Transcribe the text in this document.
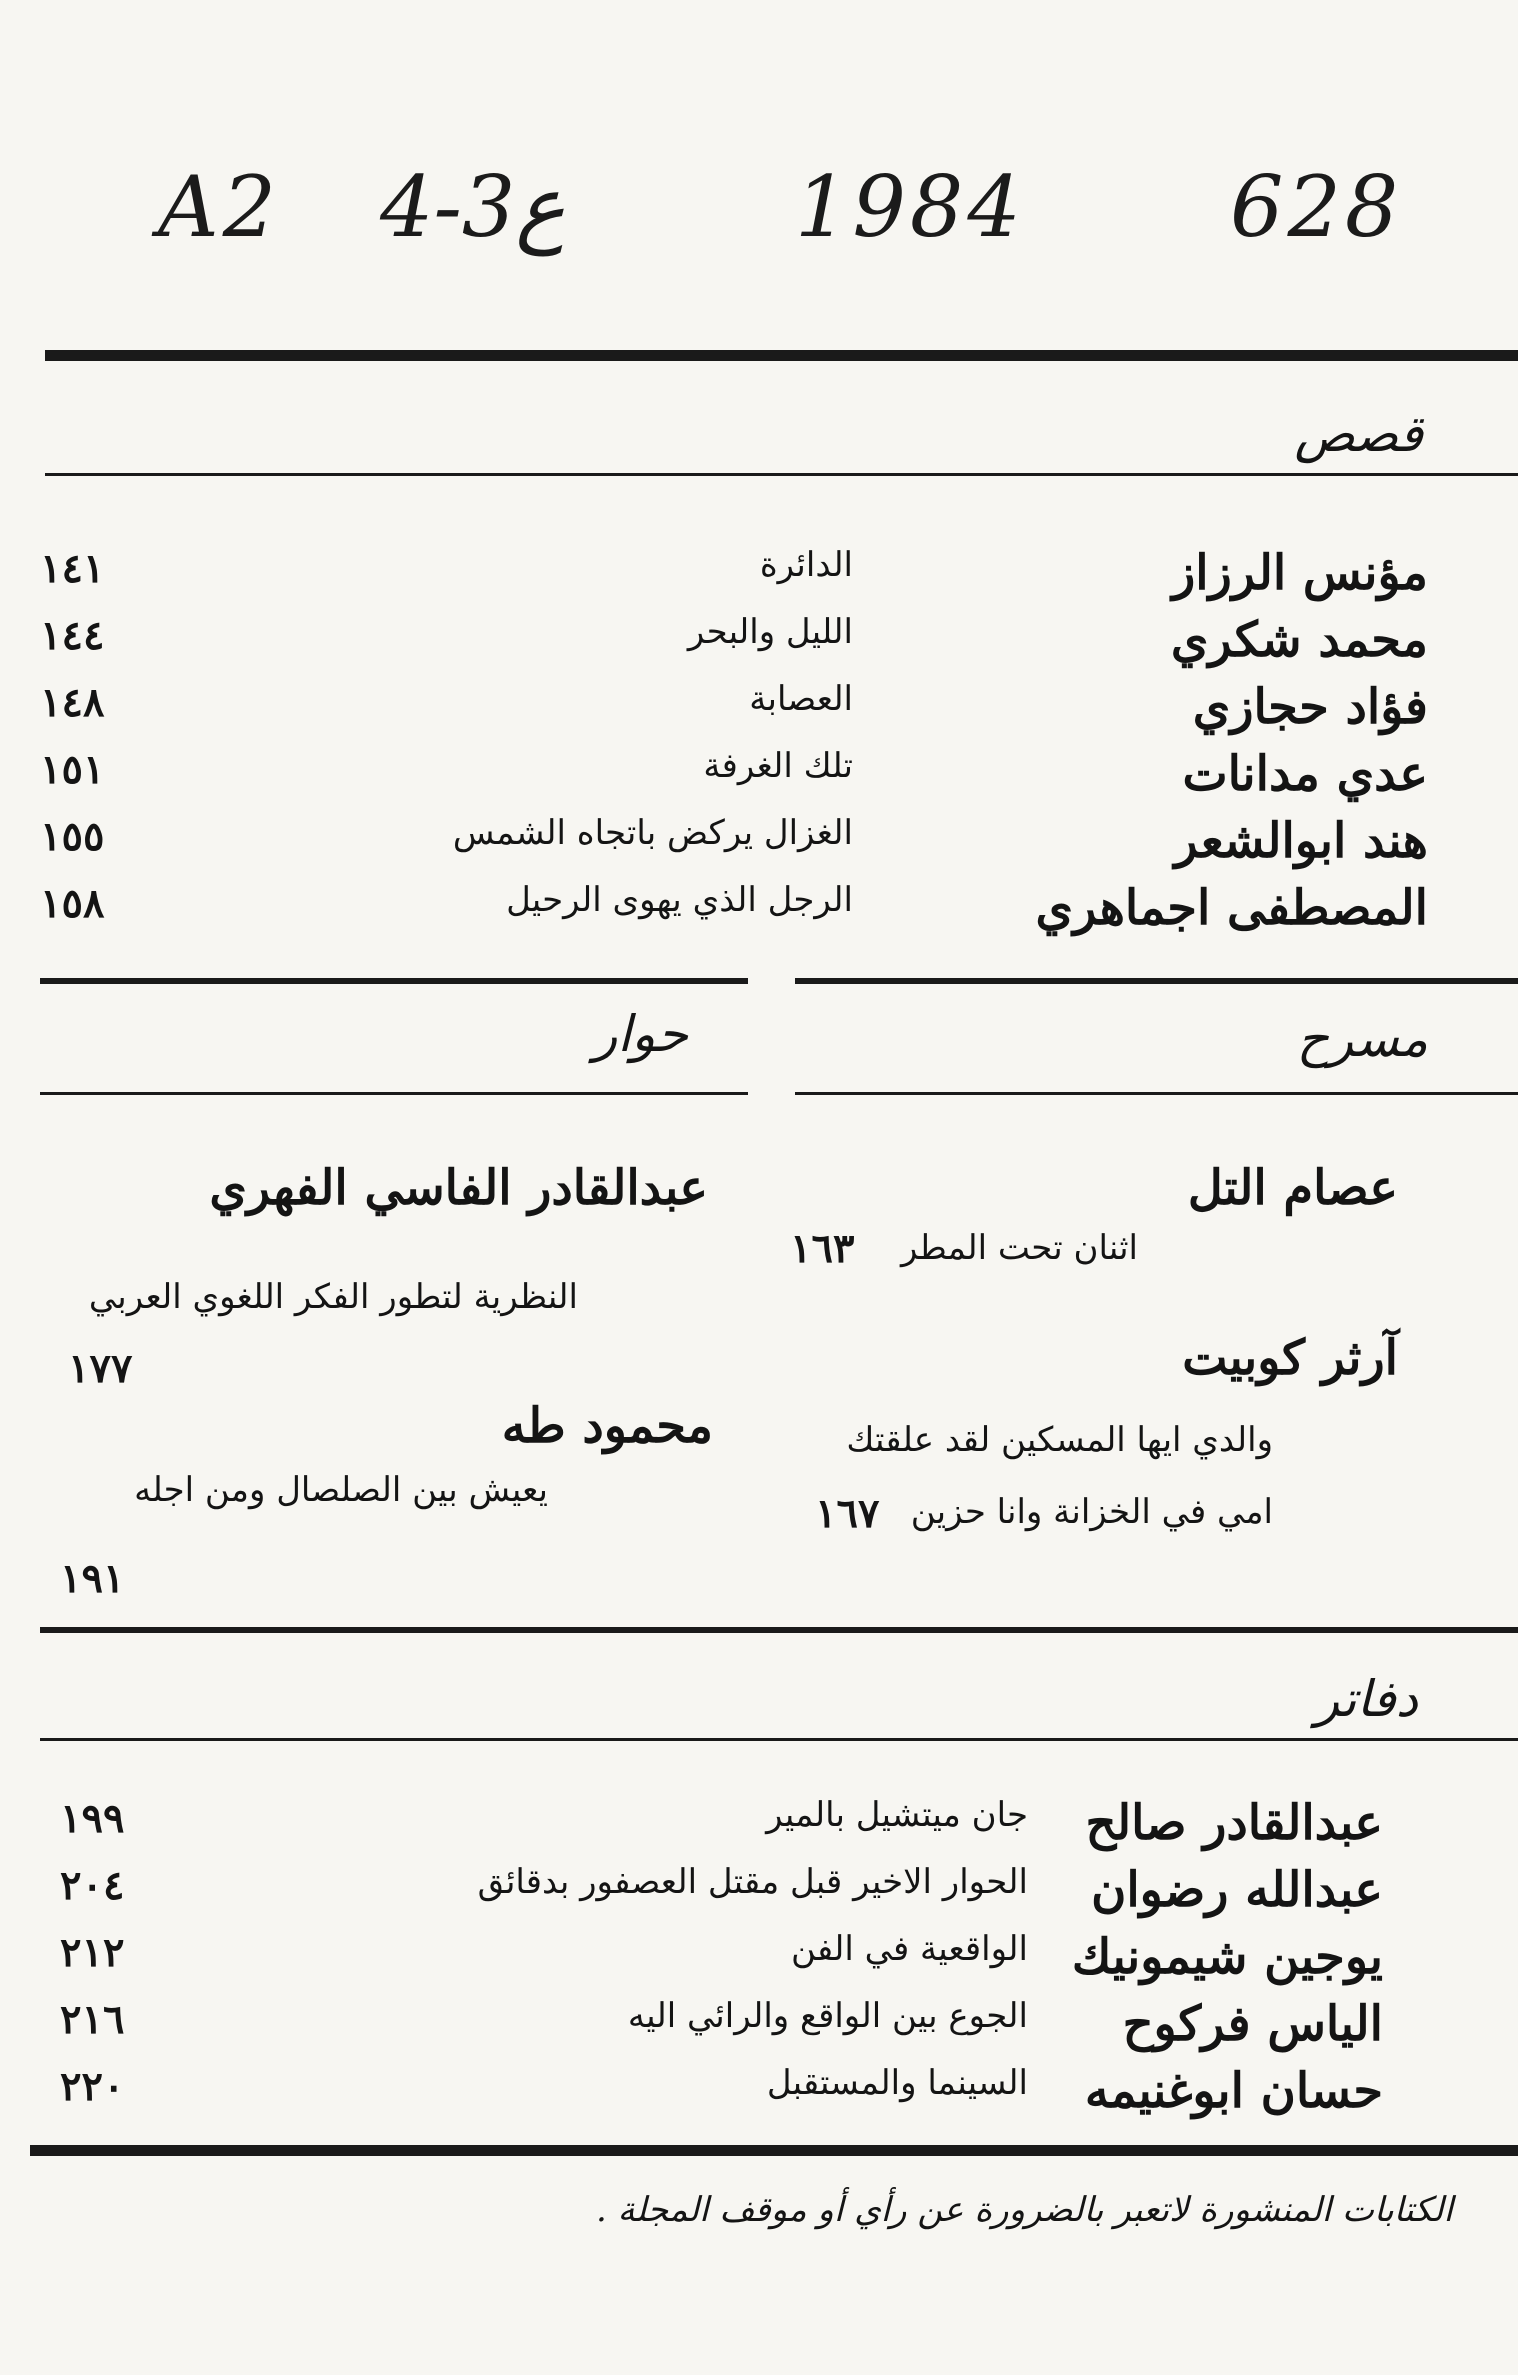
A2 4-3ع	1984 628
قصص
مؤنس الرزاز
الدائرة
١٤١
محمد شكري
الليل والبحر
١٤٤
فؤاد حجازي
العصابة
١٤٨
عدي مدانات
تلك الغرفة
١٥١
هند ابوالشعر
الغزال يركض باتجاه الشمس
١٥٥
المصطفى اجماهري
الرجل الذي يهوى الرحيل
١٥٨
حوار	مسرح
عصام التل
اثنان تحت المطر
١٦٣
آرثر كوبيت
والدي ايها المسكين لقد علقتك
امي في الخزانة وانا حزين
١٦٧
عبدالقادر الفاسي الفهري
النظرية لتطور الفكر اللغوي العربي
١٧٧
محمود طه
يعيش بين الصلصال ومن اجله
١٩١
دفاتر
عبدالقادر صالح
جان ميتشيل بالمير
١٩٩
عبدالله رضوان
الحوار الاخير قبل مقتل العصفور بدقائق
٢٠٤
يوجين شيمونيك
الواقعية في الفن
٢١٢
الياس فركوح
الجوع بين الواقع والرائي اليه
٢١٦
حسان ابوغنيمه
السينما والمستقبل
٢٢٠
الكتابات المنشورة لاتعبر بالضرورة عن رأي أو موقف المجلة .
